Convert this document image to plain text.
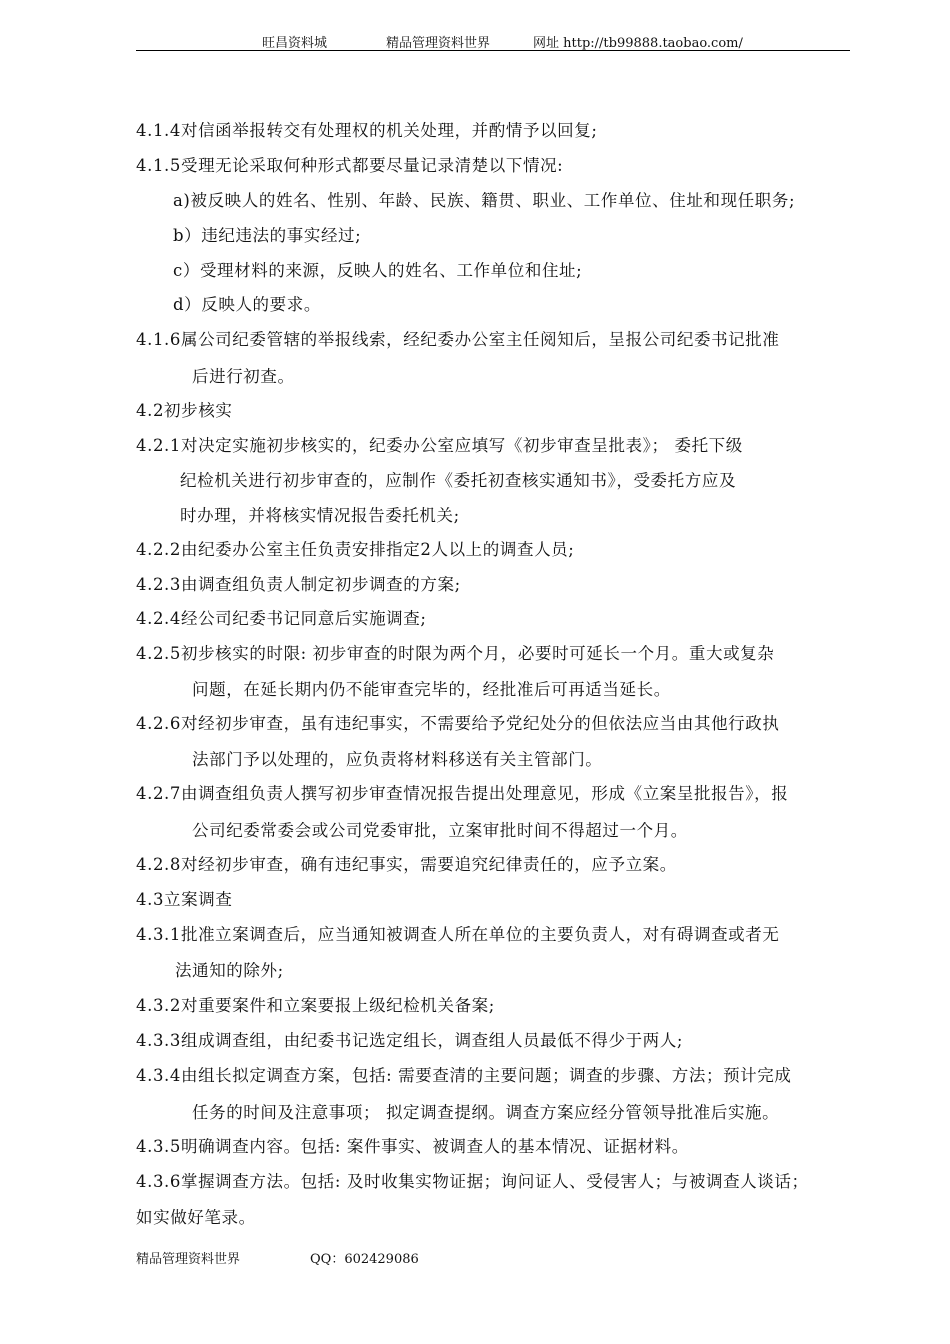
旺昌资料城	精品管理资料世界	网址 http://tb99888.taobao.com/
4.1.4对信函举报转交有处理权的机关处理，并酌情予以回复;
4.1.5受理无论采取何种形式都要尽量记录清楚以下情况:
a)被反映人的姓名、性别、年龄、民族、籍贯、职业、工作单位、住址和现任职务;
b）违纪违法的事实经过;
c）受理材料的来源，反映人的姓名、工作单位和住址;
d）反映人的要求。
4.1.6属公司纪委管辖的举报线索，经纪委办公室主任阅知后，呈报公司纪委书记批准
后进行初查。
4.2初步核实
4.2.1对决定实施初步核实的，纪委办公室应填写《初步审查呈批表》； 委托下级
纪检机关进行初步审查的，应制作《委托初查核实通知书》，受委托方应及
时办理，并将核实情况报告委托机关;
4.2.2由纪委办公室主任负责安排指定2人以上的调查人员;
4.2.3由调查组负责人制定初步调查的方案;
4.2.4经公司纪委书记同意后实施调查;
4.2.5初步核实的时限: 初步审查的时限为两个月，必要时可延长一个月。重大或复杂
问题，在延长期内仍不能审查完毕的，经批准后可再适当延长。
4.2.6对经初步审查，虽有违纪事实，不需要给予党纪处分的但依法应当由其他行政执
法部门予以处理的，应负责将材料移送有关主管部门。
4.2.7由调查组负责人撰写初步审查情况报告提出处理意见，形成《立案呈批报告》，报
公司纪委常委会或公司党委审批，立案审批时间不得超过一个月。
4.2.8对经初步审查，确有违纪事实，需要追究纪律责任的，应予立案。
4.3立案调查
4.3.1批准立案调查后，应当通知被调查人所在单位的主要负责人，对有碍调查或者无
法通知的除外;
4.3.2对重要案件和立案要报上级纪检机关备案;
4.3.3组成调查组，由纪委书记选定组长，调查组人员最低不得少于两人;
4.3.4由组长拟定调查方案，包括: 需要查清的主要问题；调查的步骤、方法；预计完成
任务的时间及注意事项； 拟定调查提纲。调查方案应经分管领导批准后实施。
4.3.5明确调查内容。包括: 案件事实、被调查人的基本情况、证据材料。
4.3.6掌握调查方法。包括: 及时收集实物证据；询问证人、受侵害人；与被调查人谈话；
如实做好笔录。
精品管理资料世界	QQ：602429086
